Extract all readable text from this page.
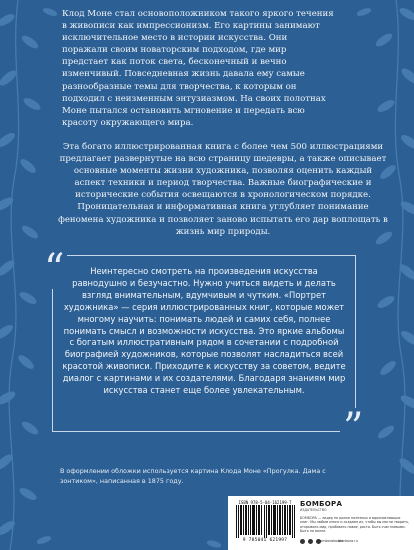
Клод Моне стал основоположником такого яркого течения в живописи как импрессионизм. Его картины занимают исключительное место в истории искусства. Они поражали своим новаторским подходом, где мир предстает как поток света, бесконечный и вечно изменчивый. Повседневная жизнь давала ему самые разнообразные темы для творчества, к которым он подходил с неизменным энтузиазмом. На своих полотнах Моне пытался остановить мгновение и передать всю красоту окружающего мира.

Эта богато иллюстрированная книга с более чем 500 иллюстрациями предлагает развернутые на всю страницу шедевры, а также описывает основные моменты жизни художника, позволяя оценить каждый аспект техники и период творчества. Важные биографические и исторические события освещаются в хронологическом порядке. Проницательная и информативная книга углубляет понимание феномена художника и позволяет заново испытать его дар воплощать в жизнь мир природы.

“
”

Неинтересно смотреть на произведения искусства равнодушно и безучастно. Нужно учиться видеть и делать взгляд внимательным, вдумчивым и чутким. «Портрет художника» — серия иллюстрированных книг, которые может многому научить: понимать людей и самих себя, полнее понимать смысл и возможности искусства. Это яркие альбомы с богатым иллюстративным рядом в сочетании с подробной биографией художников, которые позволят насладиться всей красотой живописи. Приходите к искусству за советом, ведите диалог с картинами и их создателями. Благодаря знаниям мир искусства станет еще более увлекательным.

В оформлении обложки используется картина Клода Моне «Прогулка. Дама с зонтиком», написанная в 1875 году.

ISBN 978-5-04-162199-7
9 785041 621997
БОМБОРА
ИЗДАТЕЛЬСТВО

БОМБОРА — лидер на рынке полезных и вдохновляющих книг. Мы любим книги и создаем их, чтобы вы могли творить, открывать мир, пробовать новое, расти. Быть счастливыми. Быть на волне.

bomborabooks
bombora.ru
